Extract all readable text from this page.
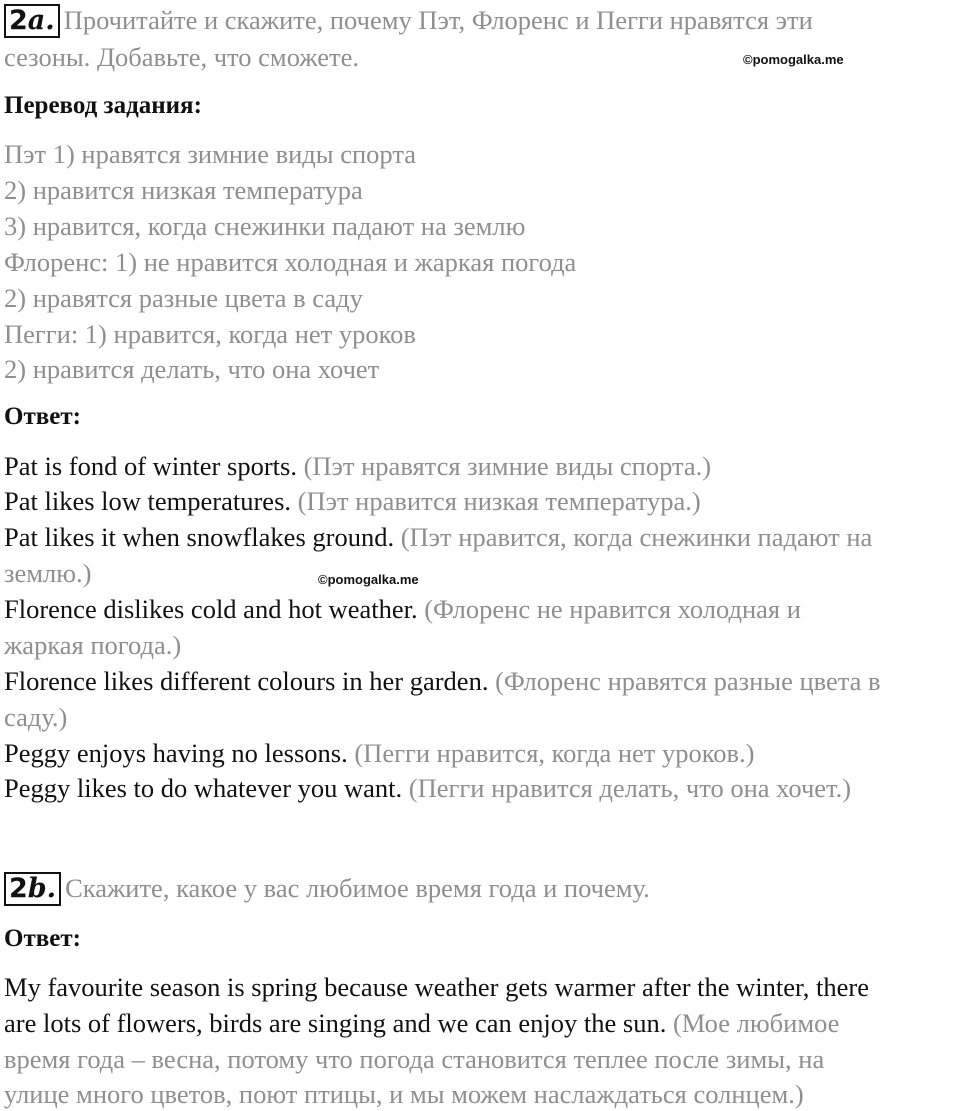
2a. Прочитайте и скажите, почему Пэт, Флоренс и Пегги нравятся эти
сезоны. Добавьте, что сможете.	©pomogalka.me
Перевод задания:
Пэт 1) нравятся зимние виды спорта
2) нравится низкая температура
3) нравится, когда снежинки падают на землю
Флоренс: 1) не нравится холодная и жаркая погода
2) нравятся разные цвета в саду
Пегги: 1) нравится, когда нет уроков
2) нравится делать, что она хочет
Ответ:
Pat is fond of winter sports. (Пэт нравятся зимние виды спорта.)
Pat likes low temperatures. (Пэт нравится низкая температура.)
Pat likes it when snowflakes ground. (Пэт нравится, когда снежинки падают на
землю.)	©pomogalka.me
Florence dislikes cold and hot weather. (Флоренс не нравится холодная и
жаркая погода.)
Florence likes different colours in her garden. (Флоренс нравятся разные цвета в
саду.)
Peggy enjoys having no lessons. (Пегги нравится, когда нет уроков.)
Peggy likes to do whatever you want. (Пегги нравится делать, что она хочет.)
2b. Скажите, какое у вас любимое время года и почему.
Ответ:
My favourite season is spring because weather gets warmer after the winter, there
are lots of flowers, birds are singing and we can enjoy the sun. (Мое любимое
время года – весна, потому что погода становится теплее после зимы, на
улице много цветов, поют птицы, и мы можем наслаждаться солнцем.)
